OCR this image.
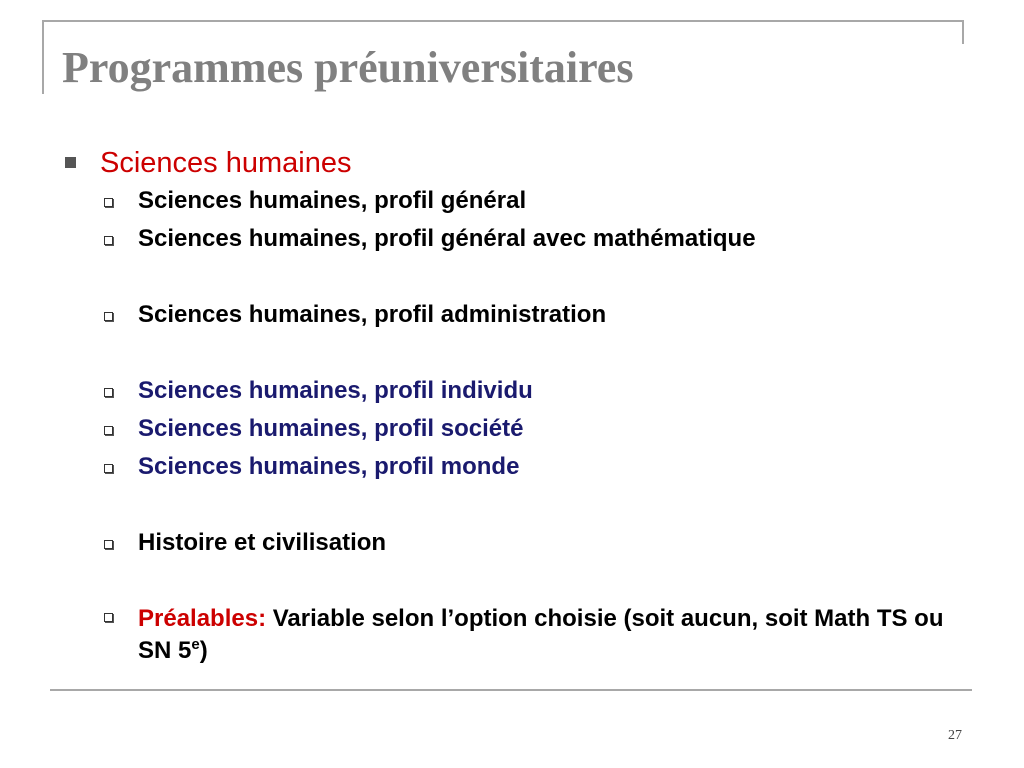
Programmes préuniversitaires
Sciences humaines
Sciences humaines, profil général
Sciences humaines, profil général avec mathématique
Sciences humaines, profil administration
Sciences humaines, profil individu
Sciences humaines, profil société
Sciences humaines, profil monde
Histoire et civilisation
Préalables: Variable selon l’option choisie (soit aucun, soit Math TS ou SN 5e)
27
